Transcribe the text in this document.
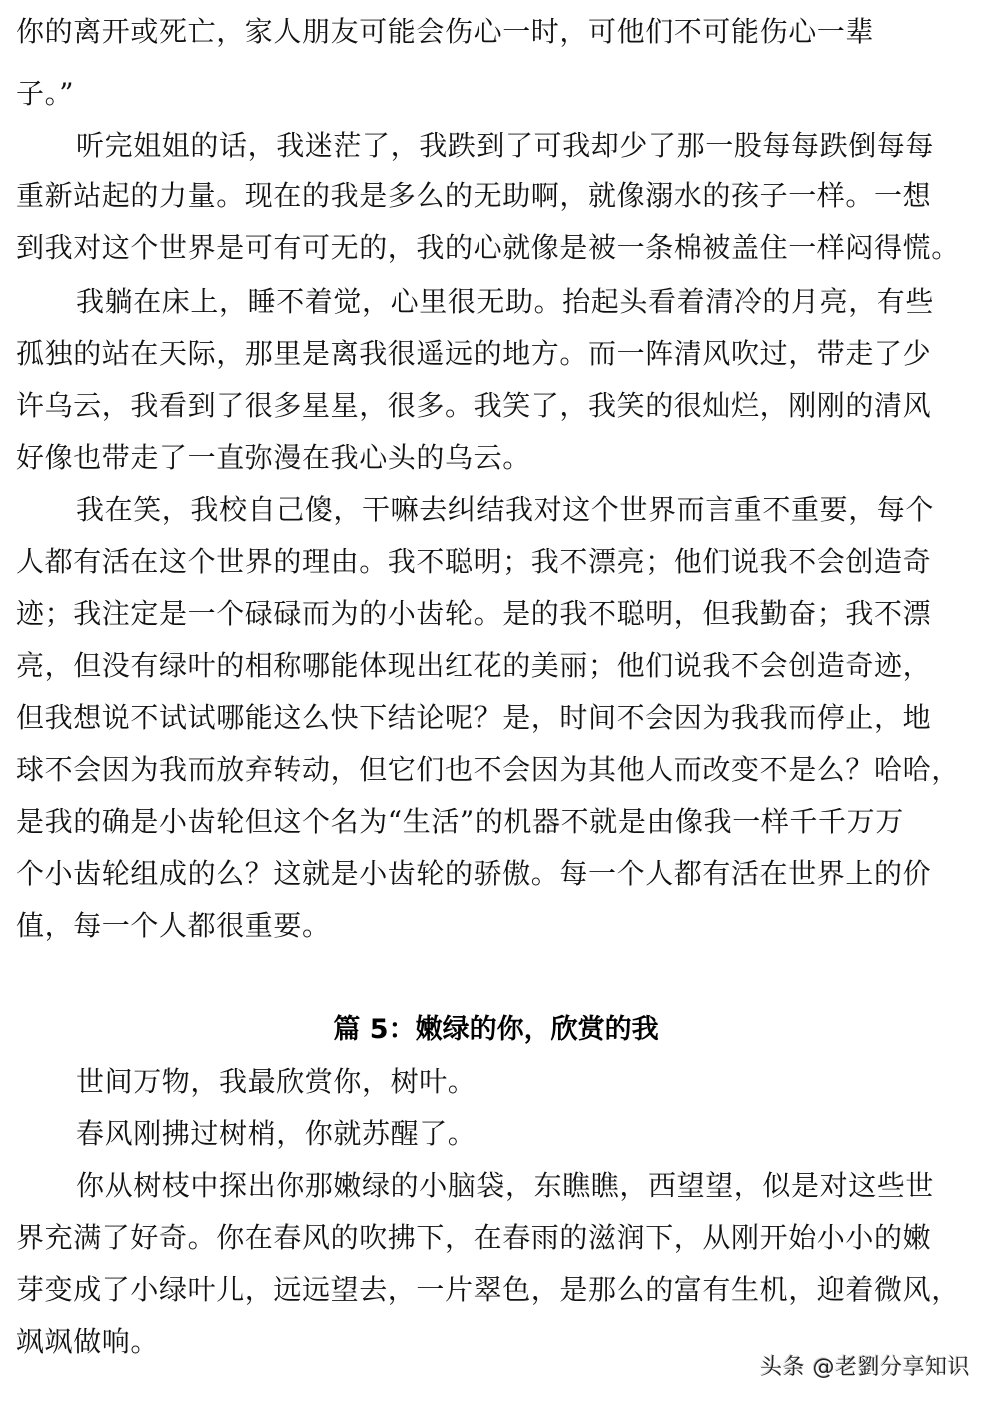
你的离开或死亡，家人朋友可能会伤心一时，可他们不可能伤心一辈
子。”
听完姐姐的话，我迷茫了，我跌到了可我却少了那一股每每跌倒每每
重新站起的力量。现在的我是多么的无助啊，就像溺水的孩子一样。一想
到我对这个世界是可有可无的，我的心就像是被一条棉被盖住一样闷得慌。
我躺在床上，睡不着觉，心里很无助。抬起头看着清冷的月亮，有些
孤独的站在天际，那里是离我很遥远的地方。而一阵清风吹过，带走了少
许乌云，我看到了很多星星，很多。我笑了，我笑的很灿烂，刚刚的清风
好像也带走了一直弥漫在我心头的乌云。
我在笑，我校自己傻，干嘛去纠结我对这个世界而言重不重要，每个
人都有活在这个世界的理由。我不聪明；我不漂亮；他们说我不会创造奇
迹；我注定是一个碌碌而为的小齿轮。是的我不聪明，但我勤奋；我不漂
亮，但没有绿叶的相称哪能体现出红花的美丽；他们说我不会创造奇迹，
但我想说不试试哪能这么快下结论呢？是，时间不会因为我我而停止，地
球不会因为我而放弃转动，但它们也不会因为其他人而改变不是么？哈哈，
是我的确是小齿轮但这个名为“生活”的机器不就是由像我一样千千万万
个小齿轮组成的么？这就是小齿轮的骄傲。每一个人都有活在世界上的价
值，每一个人都很重要。
篇 5：嫩绿的你，欣赏的我
世间万物，我最欣赏你，树叶。
春风刚拂过树梢，你就苏醒了。
你从树枝中探出你那嫩绿的小脑袋，东瞧瞧，西望望，似是对这些世
界充满了好奇。你在春风的吹拂下，在春雨的滋润下，从刚开始小小的嫩
芽变成了小绿叶儿，远远望去，一片翠色，是那么的富有生机，迎着微风，
飒飒做响。
头条 @老劉分享知识
